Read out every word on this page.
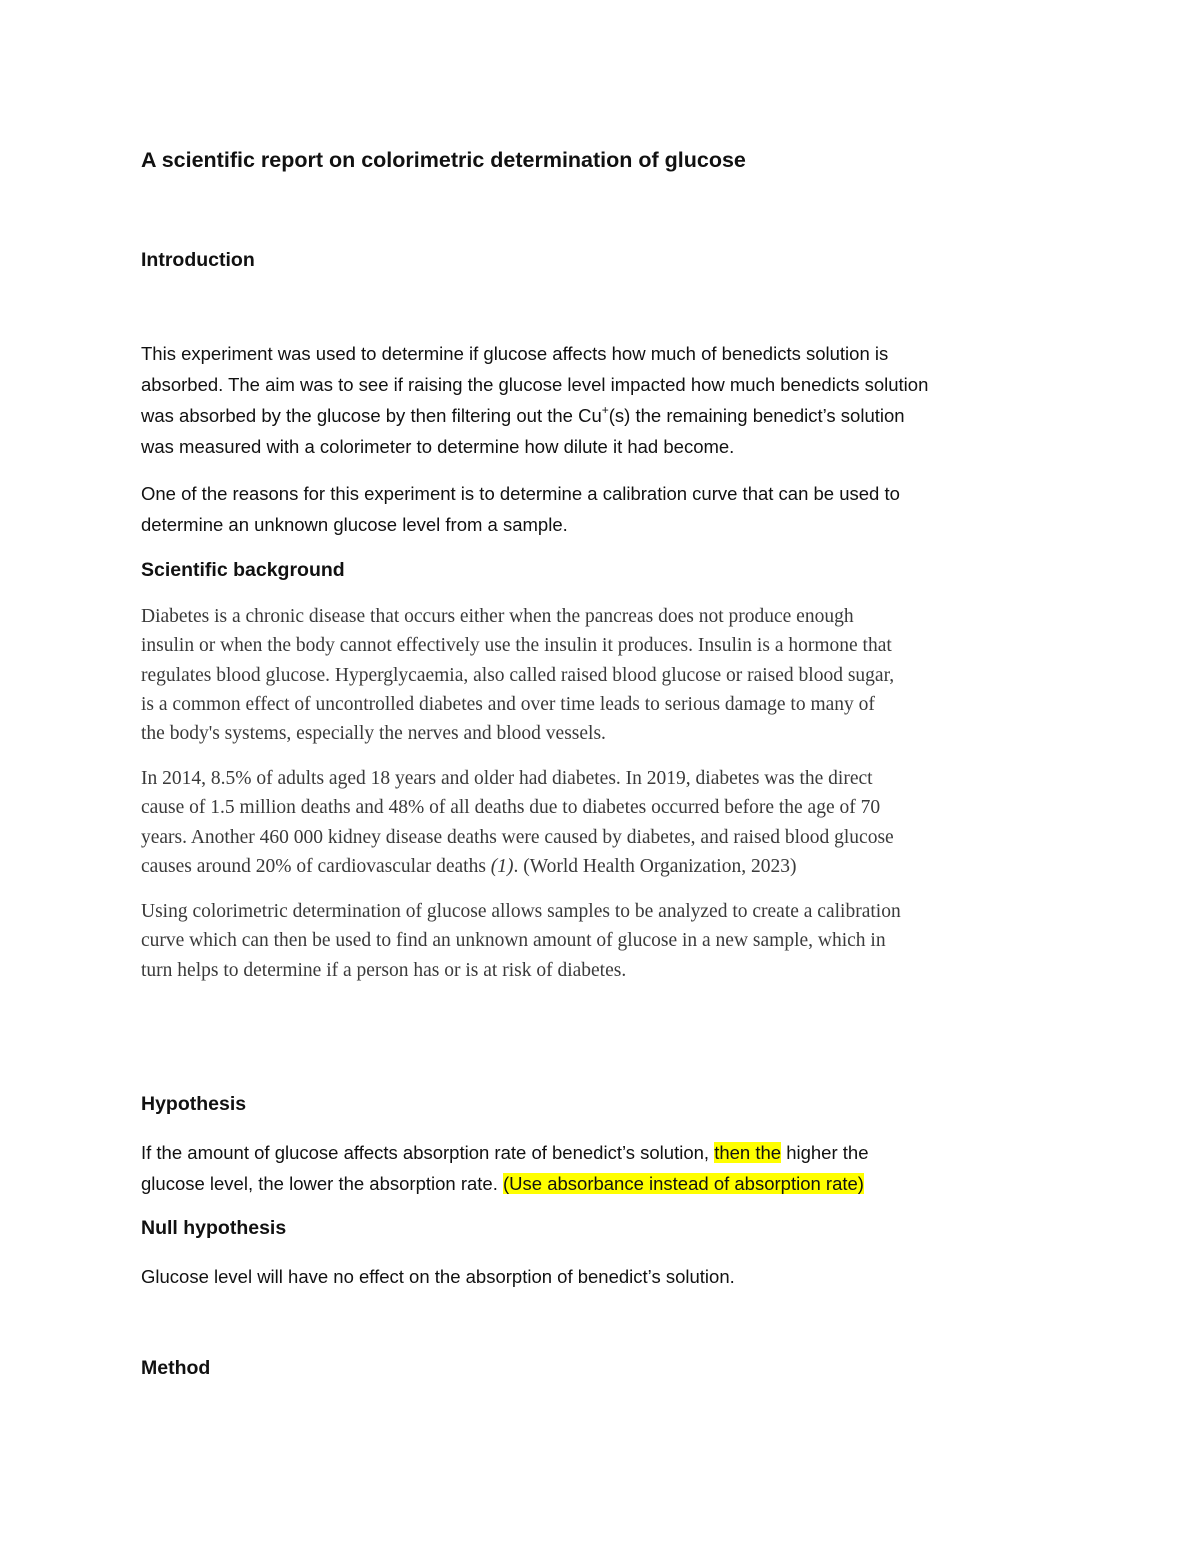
A scientific report on colorimetric determination of glucose
Introduction

This experiment was used to determine if glucose affects how much of benedicts solution is
absorbed. The aim was to see if raising the glucose level impacted how much benedicts solution
was absorbed by the glucose by then filtering out the Cu+(s) the remaining benedict’s solution
was measured with a colorimeter to determine how dilute it had become.

One of the reasons for this experiment is to determine a calibration curve that can be used to
determine an unknown glucose level from a sample.

Scientific background

Diabetes is a chronic disease that occurs either when the pancreas does not produce enough
insulin or when the body cannot effectively use the insulin it produces. Insulin is a hormone that
regulates blood glucose. Hyperglycaemia, also called raised blood glucose or raised blood sugar,
is a common effect of uncontrolled diabetes and over time leads to serious damage to many of
the body's systems, especially the nerves and blood vessels.

In 2014, 8.5% of adults aged 18 years and older had diabetes. In 2019, diabetes was the direct
cause of 1.5 million deaths and 48% of all deaths due to diabetes occurred before the age of 70
years. Another 460 000 kidney disease deaths were caused by diabetes, and raised blood glucose
causes around 20% of cardiovascular deaths (1). (World Health Organization, 2023)

Using colorimetric determination of glucose allows samples to be analyzed to create a calibration
curve which can then be used to find an unknown amount of glucose in a new sample, which in
turn helps to determine if a person has or is at risk of diabetes.

Hypothesis

If the amount of glucose affects absorption rate of benedict’s solution, then the higher the
glucose level, the lower the absorption rate. (Use absorbance instead of absorption rate)

Null hypothesis

Glucose level will have no effect on the absorption of benedict’s solution.

Method
